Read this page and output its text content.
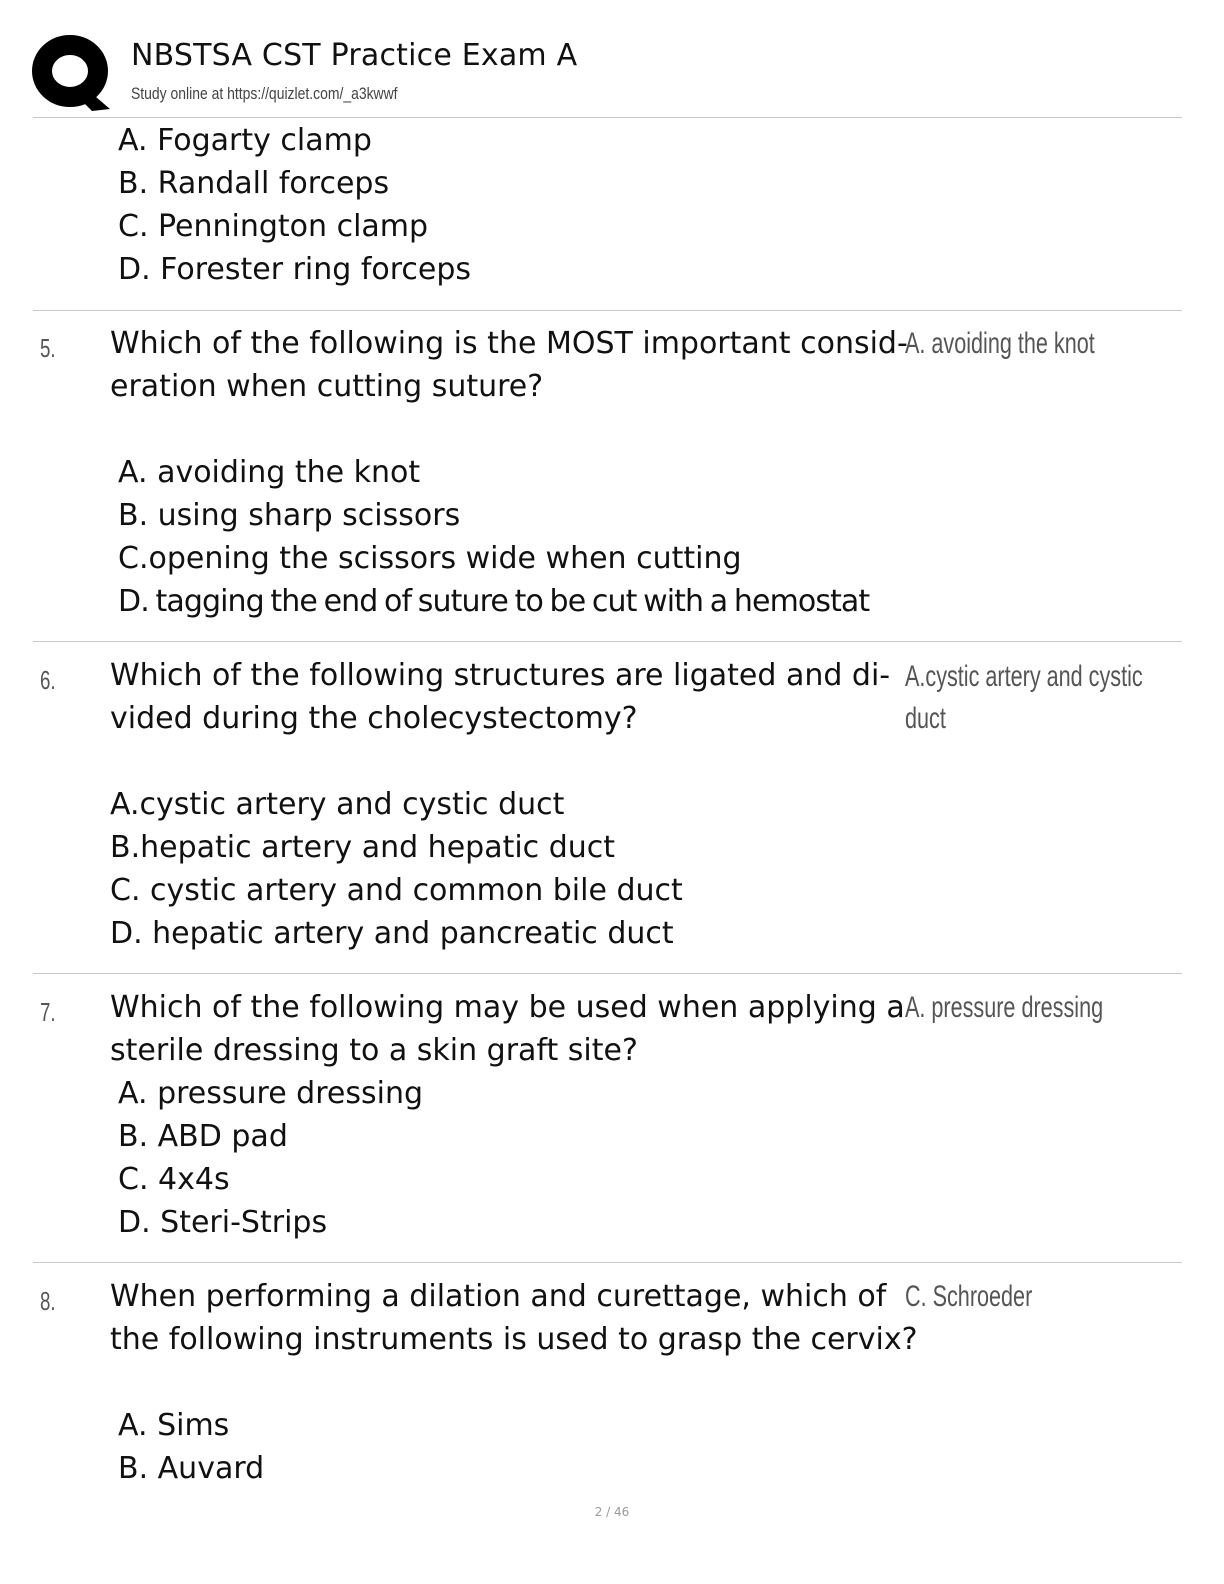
NBSTSA CST Practice Exam A
Study online at https://quizlet.com/_a3kwwf
A. Fogarty clamp
B. Randall forceps
C. Pennington clamp
D. Forester ring forceps
5. Which of the following is the MOST important consid-
eration when cutting suture?
A. avoiding the knot
A. avoiding the knot
B. using sharp scissors
C.opening the scissors wide when cutting
D. tagging the end of suture to be cut with a hemostat
6. Which of the following structures are ligated and di-
vided during the cholecystectomy?
A.cystic artery and cystic
duct
A.cystic artery and cystic duct
B.hepatic artery and hepatic duct
C. cystic artery and common bile duct
D. hepatic artery and pancreatic duct
7. Which of the following may be used when applying a
sterile dressing to a skin graft site?
A. pressure dressing
A. pressure dressing
B. ABD pad
C. 4x4s
D. Steri-Strips
8. When performing a dilation and curettage, which of
the following instruments is used to grasp the cervix?
C. Schroeder
A. Sims
B. Auvard
2 / 46
